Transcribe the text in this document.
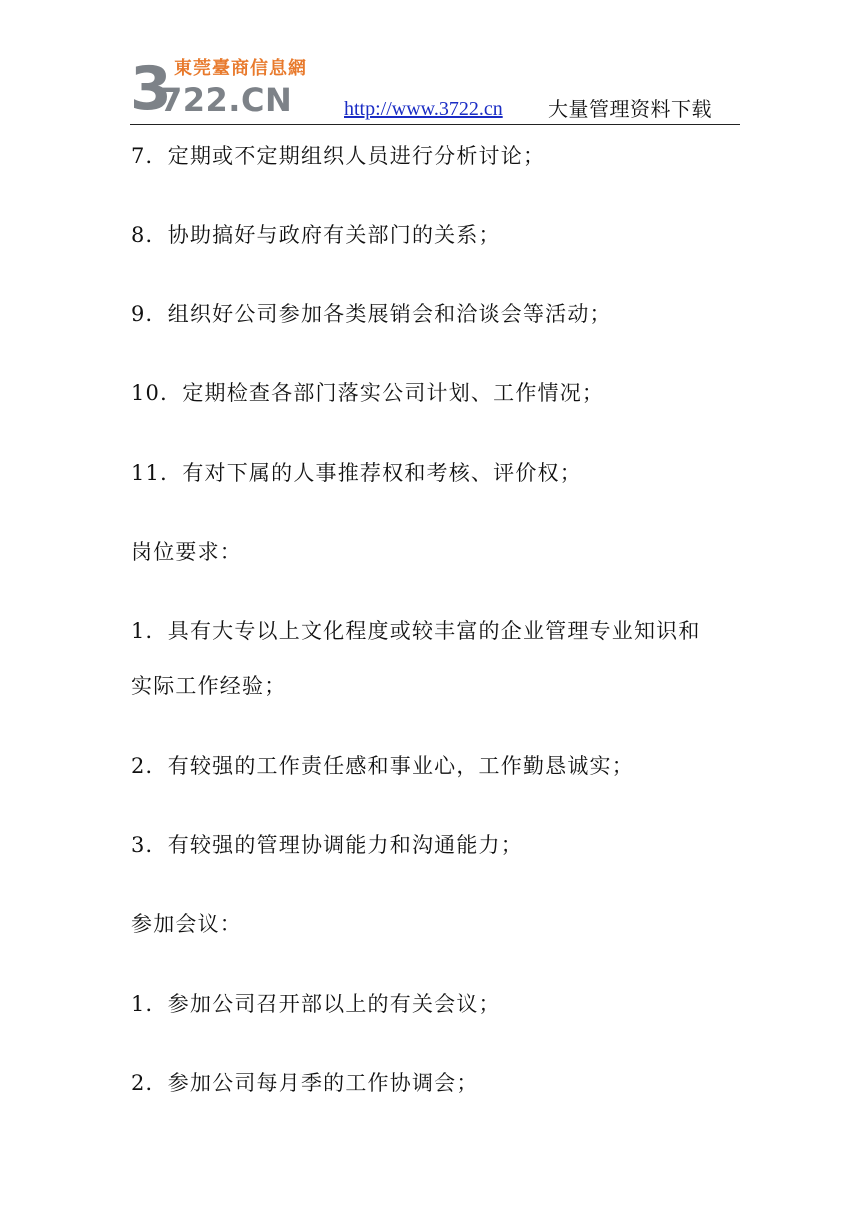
3
722.CN
東莞臺商信息網
http://www.3722.cn 大量管理资料下载
7．定期或不定期组织人员进行分析讨论；
8．协助搞好与政府有关部门的关系；
9．组织好公司参加各类展销会和洽谈会等活动；
10．定期检查各部门落实公司计划、工作情况；
11．有对下属的人事推荐权和考核、评价权；
岗位要求：
1．具有大专以上文化程度或较丰富的企业管理专业知识和
实际工作经验；
2．有较强的工作责任感和事业心，工作勤恳诚实；
3．有较强的管理协调能力和沟通能力；
参加会议：
1．参加公司召开部以上的有关会议；
2．参加公司每月季的工作协调会；
